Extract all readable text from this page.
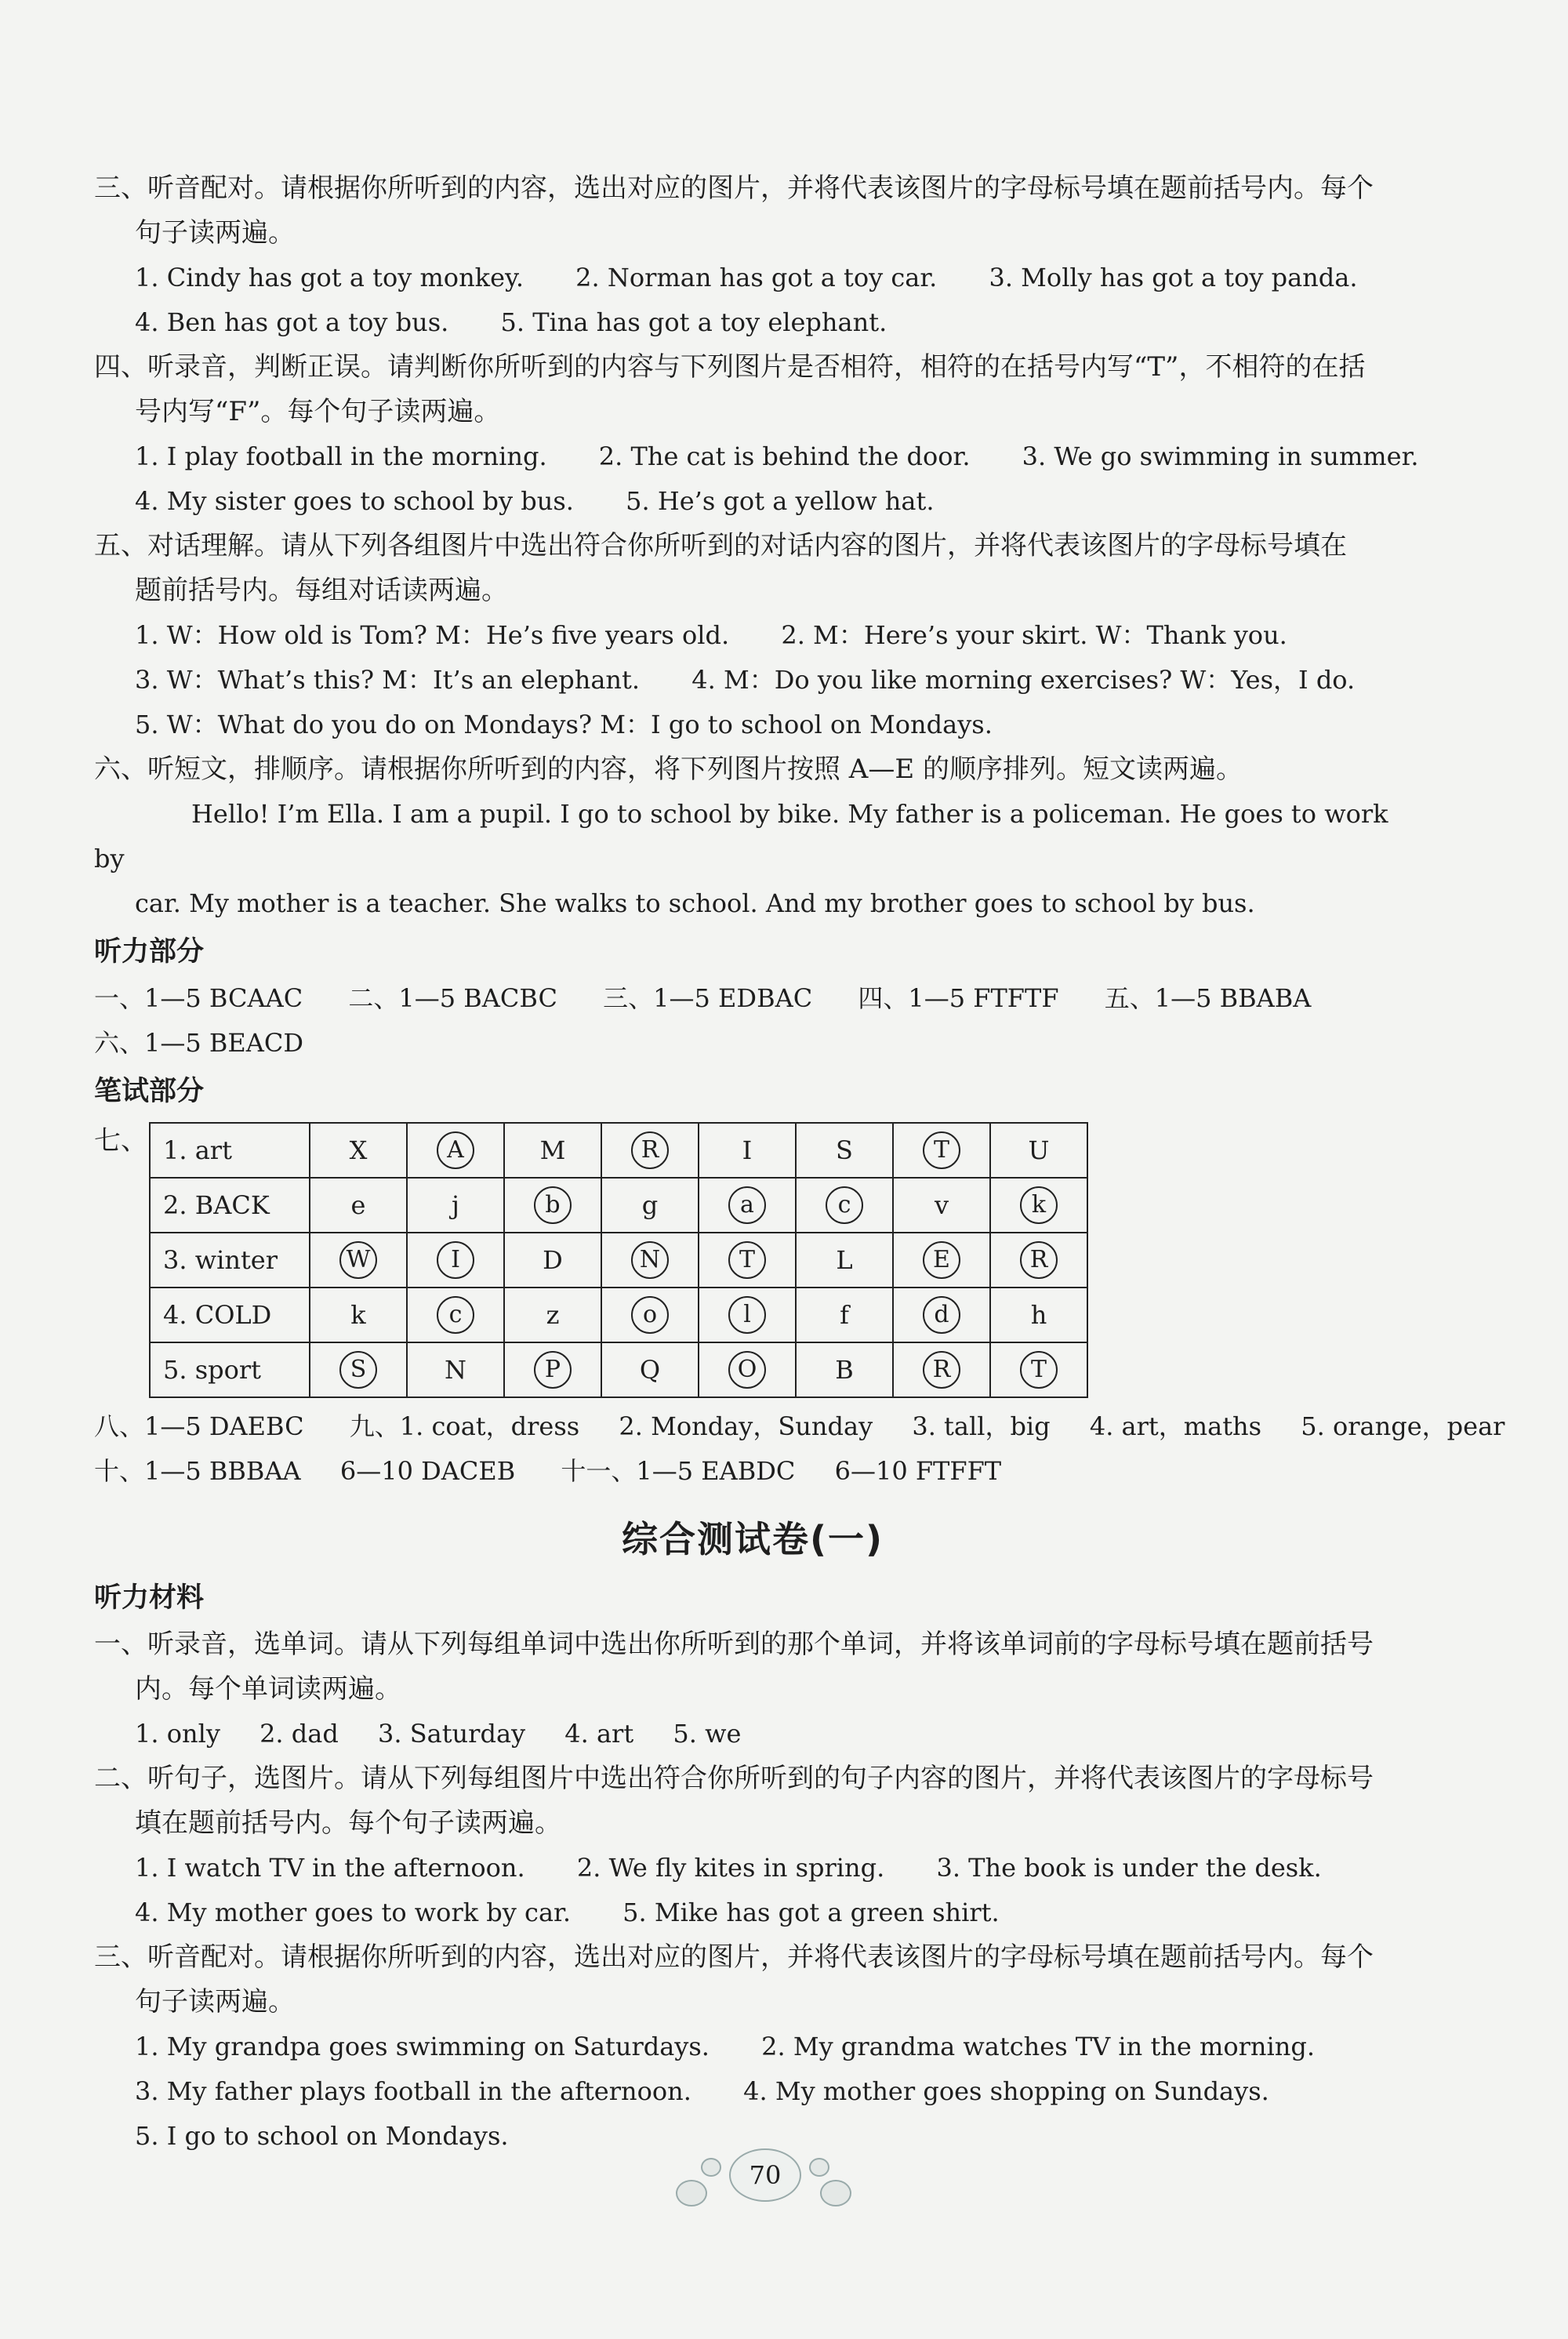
三、听音配对。请根据你所听到的内容，选出对应的图片，并将代表该图片的字母标号填在题前括号内。每个
句子读两遍。
1. Cindy has got a toy monkey. 2. Norman has got a toy car. 3. Molly has got a toy panda.
4. Ben has got a toy bus. 5. Tina has got a toy elephant.
四、听录音，判断正误。请判断你所听到的内容与下列图片是否相符，相符的在括号内写“T”，不相符的在括
号内写“F”。每个句子读两遍。
1. I play football in the morning. 2. The cat is behind the door. 3. We go swimming in summer.
4. My sister goes to school by bus. 5. He’s got a yellow hat.
五、对话理解。请从下列各组图片中选出符合你所听到的对话内容的图片，并将代表该图片的字母标号填在
题前括号内。每组对话读两遍。
1. W：How old is Tom? M：He’s five years old. 2. M：Here’s your skirt. W：Thank you.
3. W：What’s this? M：It’s an elephant. 4. M：Do you like morning exercises? W：Yes，I do.
5. W：What do you do on Mondays? M：I go to school on Mondays.
六、听短文，排顺序。请根据你所听到的内容，将下列图片按照 A—E 的顺序排列。短文读两遍。
Hello! I’m Ella. I am a pupil. I go to school by bike. My father is a policeman. He goes to work by
car. My mother is a teacher. She walks to school. And my brother goes to school by bus.
听力部分
一、1—5 BCAAC 二、1—5 BACBC 三、1—5 EDBAC 四、1—5 FTFTF 五、1—5 BBABA
六、1—5 BEACD
笔试部分
七、 1. art	X	A	M	R	I	S	T	U
2. BACK	e	j	b	g	a	c	v	k
3. winter	W	I	D	N	T	L	E	R
4. COLD	k	c	z	o	l	f	d	h
5. sport	S	N	P	Q	O	B	R	T
八、1—5 DAEBC 九、1. coat，dress 2. Monday，Sunday 3. tall，big 4. art，maths 5. orange，pear
十、1—5 BBBAA 6—10 DACEB 十一、1—5 EABDC 6—10 FTFFT
综合测试卷(一)
听力材料
一、听录音，选单词。请从下列每组单词中选出你所听到的那个单词，并将该单词前的字母标号填在题前括号
内。每个单词读两遍。
1. only 2. dad 3. Saturday 4. art 5. we
二、听句子，选图片。请从下列每组图片中选出符合你所听到的句子内容的图片，并将代表该图片的字母标号
填在题前括号内。每个句子读两遍。
1. I watch TV in the afternoon. 2. We fly kites in spring. 3. The book is under the desk.
4. My mother goes to work by car. 5. Mike has got a green shirt.
三、听音配对。请根据你所听到的内容，选出对应的图片，并将代表该图片的字母标号填在题前括号内。每个
句子读两遍。
1. My grandpa goes swimming on Saturdays. 2. My grandma watches TV in the morning.
3. My father plays football in the afternoon. 4. My mother goes shopping on Sundays.
5. I go to school on Mondays.
70
